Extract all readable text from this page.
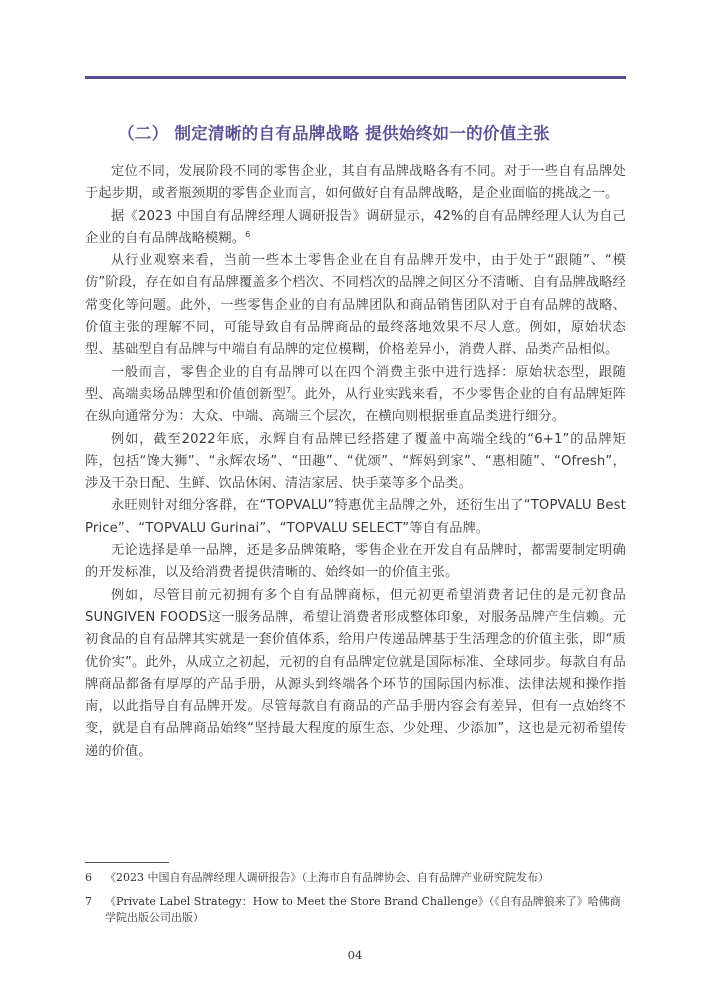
（二） 制定清晰的自有品牌战略 提供始终如一的价值主张

定位不同，发展阶段不同的零售企业，其自有品牌战略各有不同。对于一些自有品牌处于起步期，或者瓶颈期的零售企业而言，如何做好自有品牌战略，是企业面临的挑战之一。

据《2023 中国自有品牌经理人调研报告》调研显示，42%的自有品牌经理人认为自己企业的自有品牌战略模糊。$^6$

从行业观察来看，当前一些本土零售企业在自有品牌开发中，由于处于“跟随”、“模仿”阶段，存在如自有品牌覆盖多个档次、不同档次的品牌之间区分不清晰、自有品牌战略经常变化等问题。此外，一些零售企业的自有品牌团队和商品销售团队对于自有品牌的战略、价值主张的理解不同，可能导致自有品牌商品的最终落地效果不尽人意。例如，原始状态型、基础型自有品牌与中端自有品牌的定位模糊，价格差异小，消费人群、品类产品相似。

一般而言，零售企业的自有品牌可以在四个消费主张中进行选择：原始状态型，跟随型、高端卖场品牌型和价值创新型$^7$。此外，从行业实践来看，不少零售企业的自有品牌矩阵在纵向通常分为：大众、中端、高端三个层次，在横向则根据垂直品类进行细分。

例如，截至2022年底，永辉自有品牌已经搭建了覆盖中高端全线的“6+1”的品牌矩阵，包括“馋大狮”、“永辉农场”、“田趣”、“优颂”、“辉妈到家”、“惠相随”、“Ofresh”，涉及干杂日配、生鲜、饮品休闲、清洁家居、快手菜等多个品类。

永旺则针对细分客群，在“TOPVALU”特惠优主品牌之外，还衍生出了“TOPVALU Best Price”、“TOPVALU Gurinai”、“TOPVALU SELECT”等自有品牌。

无论选择是单一品牌，还是多品牌策略，零售企业在开发自有品牌时，都需要制定明确的开发标准，以及给消费者提供清晰的、始终如一的价值主张。

例如，尽管目前元初拥有多个自有品牌商标，但元初更希望消费者记住的是元初食品SUNGIVEN FOODS这一服务品牌，希望让消费者形成整体印象，对服务品牌产生信赖。元初食品的自有品牌其实就是一套价值体系，给用户传递品牌基于生活理念的价值主张，即“质优价实”。此外，从成立之初起，元初的自有品牌定位就是国际标准、全球同步。每款自有品牌商品都备有厚厚的产品手册，从源头到终端各个环节的国际国内标准、法律法规和操作指南，以此指导自有品牌开发。尽管每款自有商品的产品手册内容会有差异，但有一点始终不变，就是自有品牌商品始终“坚持最大程度的原生态、少处理、少添加”，这也是元初希望传递的价值。

6	《2023 中国自有品牌经理人调研报告》（上海市自有品牌协会、自有品牌产业研究院发布）
7	《Private Label Strategy：How to Meet the Store Brand Challenge》（《自有品牌狼来了》哈佛商学院出版公司出版）
04
